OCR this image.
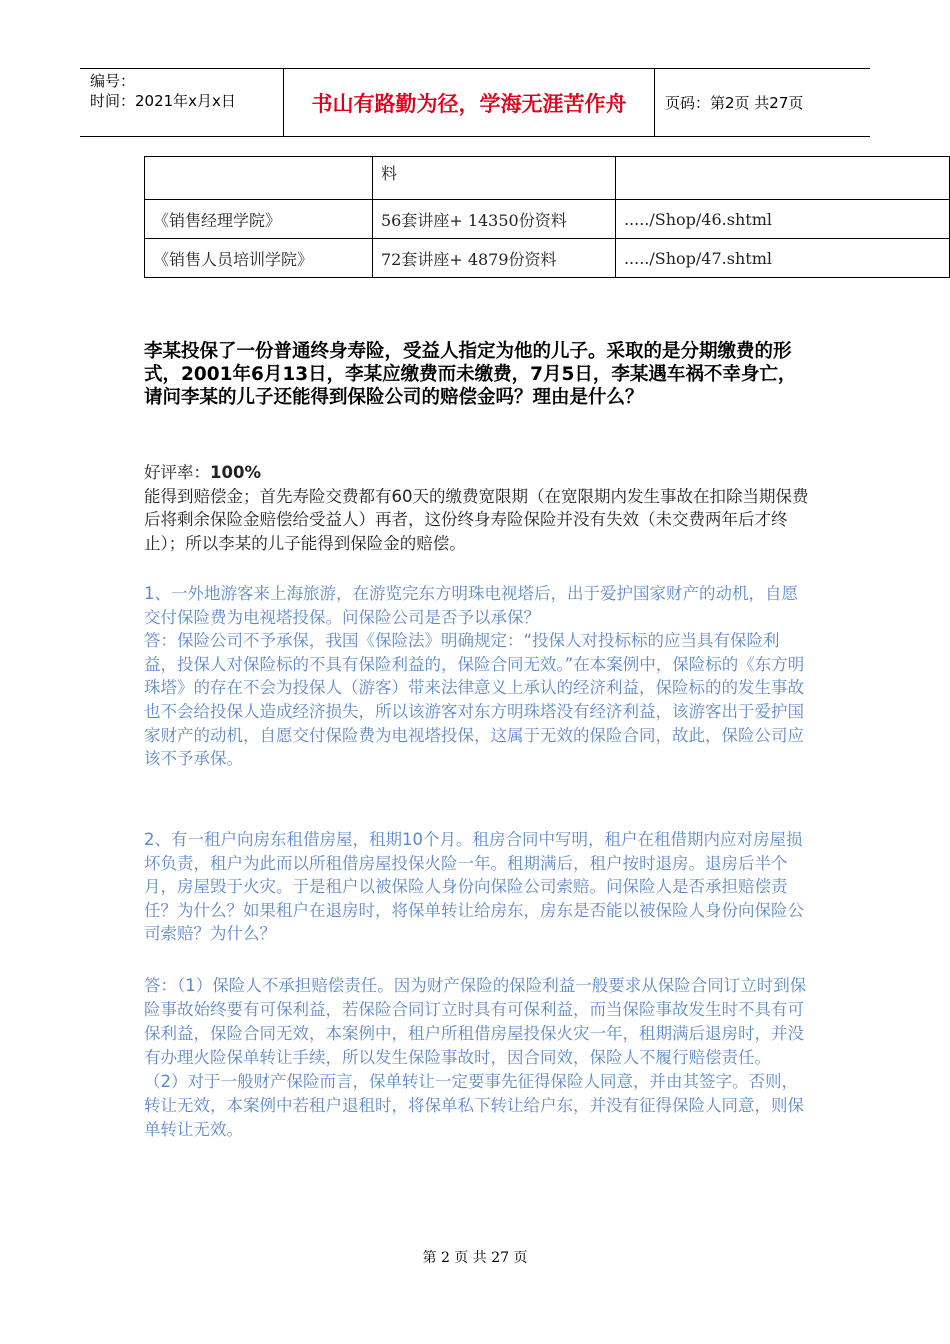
编号：
时间：2021年x月x日	书山有路勤为径，学海无涯苦作舟	页码：第2页 共27页
	料	
《销售经理学院》	56套讲座+ 14350份资料	...../Shop/46.shtml
《销售人员培训学院》	72套讲座+ 4879份资料	...../Shop/47.shtml
李某投保了一份普通终身寿险，受益人指定为他的儿子。采取的是分期缴费的形式，2001年6月13日，李某应缴费而未缴费，7月5日，李某遇车祸不幸身亡，请问李某的儿子还能得到保险公司的赔偿金吗？理由是什么？

好评率：100%

能得到赔偿金；首先寿险交费都有60天的缴费宽限期（在宽限期内发生事故在扣除当期保费后将剩余保险金赔偿给受益人）再者，这份终身寿险保险并没有失效（未交费两年后才终止）；所以李某的儿子能得到保险金的赔偿。

1、一外地游客来上海旅游，在游览完东方明珠电视塔后，出于爱护国家财产的动机，自愿交付保险费为电视塔投保。问保险公司是否予以承保？

答：保险公司不予承保，我国《保险法》明确规定：“投保人对投标标的应当具有保险利益，投保人对保险标的不具有保险利益的，保险合同无效。”在本案例中，保险标的《东方明珠塔》的存在不会为投保人（游客）带来法律意义上承认的经济利益，保险标的的发生事故也不会给投保人造成经济损失，所以该游客对东方明珠塔没有经济利益，该游客出于爱护国家财产的动机，自愿交付保险费为电视塔投保，这属于无效的保险合同，故此，保险公司应该不予承保。

2、有一租户向房东租借房屋，租期10个月。租房合同中写明，租户在租借期内应对房屋损坏负责，租户为此而以所租借房屋投保火险一年。租期满后，租户按时退房。退房后半个月，房屋毁于火灾。于是租户以被保险人身份向保险公司索赔。问保险人是否承担赔偿责任？为什么？如果租户在退房时，将保单转让给房东，房东是否能以被保险人身份向保险公司索赔？为什么？

答：（1）保险人不承担赔偿责任。因为财产保险的保险利益一般要求从保险合同订立时到保险事故始终要有可保利益，若保险合同订立时具有可保利益，而当保险事故发生时不具有可保利益，保险合同无效，本案例中，租户所租借房屋投保火灾一年，租期满后退房时，并没有办理火险保单转让手续，所以发生保险事故时，因合同效，保险人不履行赔偿责任。

（2）对于一般财产保险而言，保单转让一定要事先征得保险人同意，并由其签字。否则，转让无效，本案例中若租户退租时，将保单私下转让给户东，并没有征得保险人同意，则保单转让无效。

第 2 页 共 27 页
